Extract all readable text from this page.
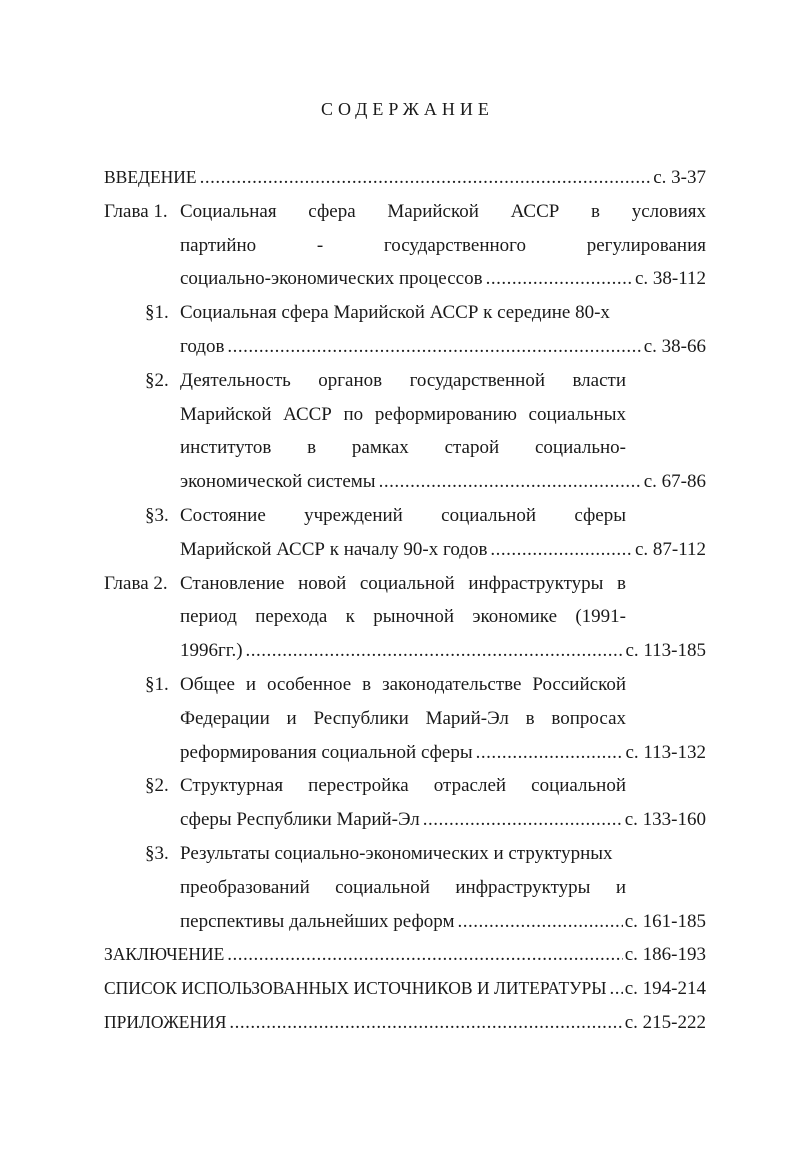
СОДЕРЖАНИЕ
ВВЕДЕНИЕ .....	с. 3-37
Глава 1. Социальная сфера Марийской АССР в условиях
партийно - государственного регулирования
социально-экономических процессов .....	с. 38-112
§1. Социальная сфера Марийской АССР к середине 80-х
годов .....	с. 38-66
§2. Деятельность органов государственной власти
Марийской АССР по реформированию социальных
институтов в рамках старой социально-
экономической системы .....	с. 67-86
§3. Состояние учреждений социальной сферы
Марийской АССР к началу 90-х годов .....	с. 87-112
Глава 2. Становление новой социальной инфраструктуры в
период перехода к рыночной экономике (1991-
1996гг.) .....	с. 113-185
§1. Общее и особенное в законодательстве Российской
Федерации и Республики Марий-Эл в вопросах
реформирования социальной сферы .....	с. 113-132
§2. Структурная перестройка отраслей социальной
сферы Республики Марий-Эл .....	с. 133-160
§3. Результаты социально-экономических и структурных
преобразований социальной инфраструктуры и
перспективы дальнейших реформ .....	с. 161-185
ЗАКЛЮЧЕНИЕ .....	с. 186-193
СПИСОК ИСПОЛЬЗОВАННЫХ ИСТОЧНИКОВ И ЛИТЕРАТУРЫ ..... с. 194-214
ПРИЛОЖЕНИЯ .....	с. 215-222
